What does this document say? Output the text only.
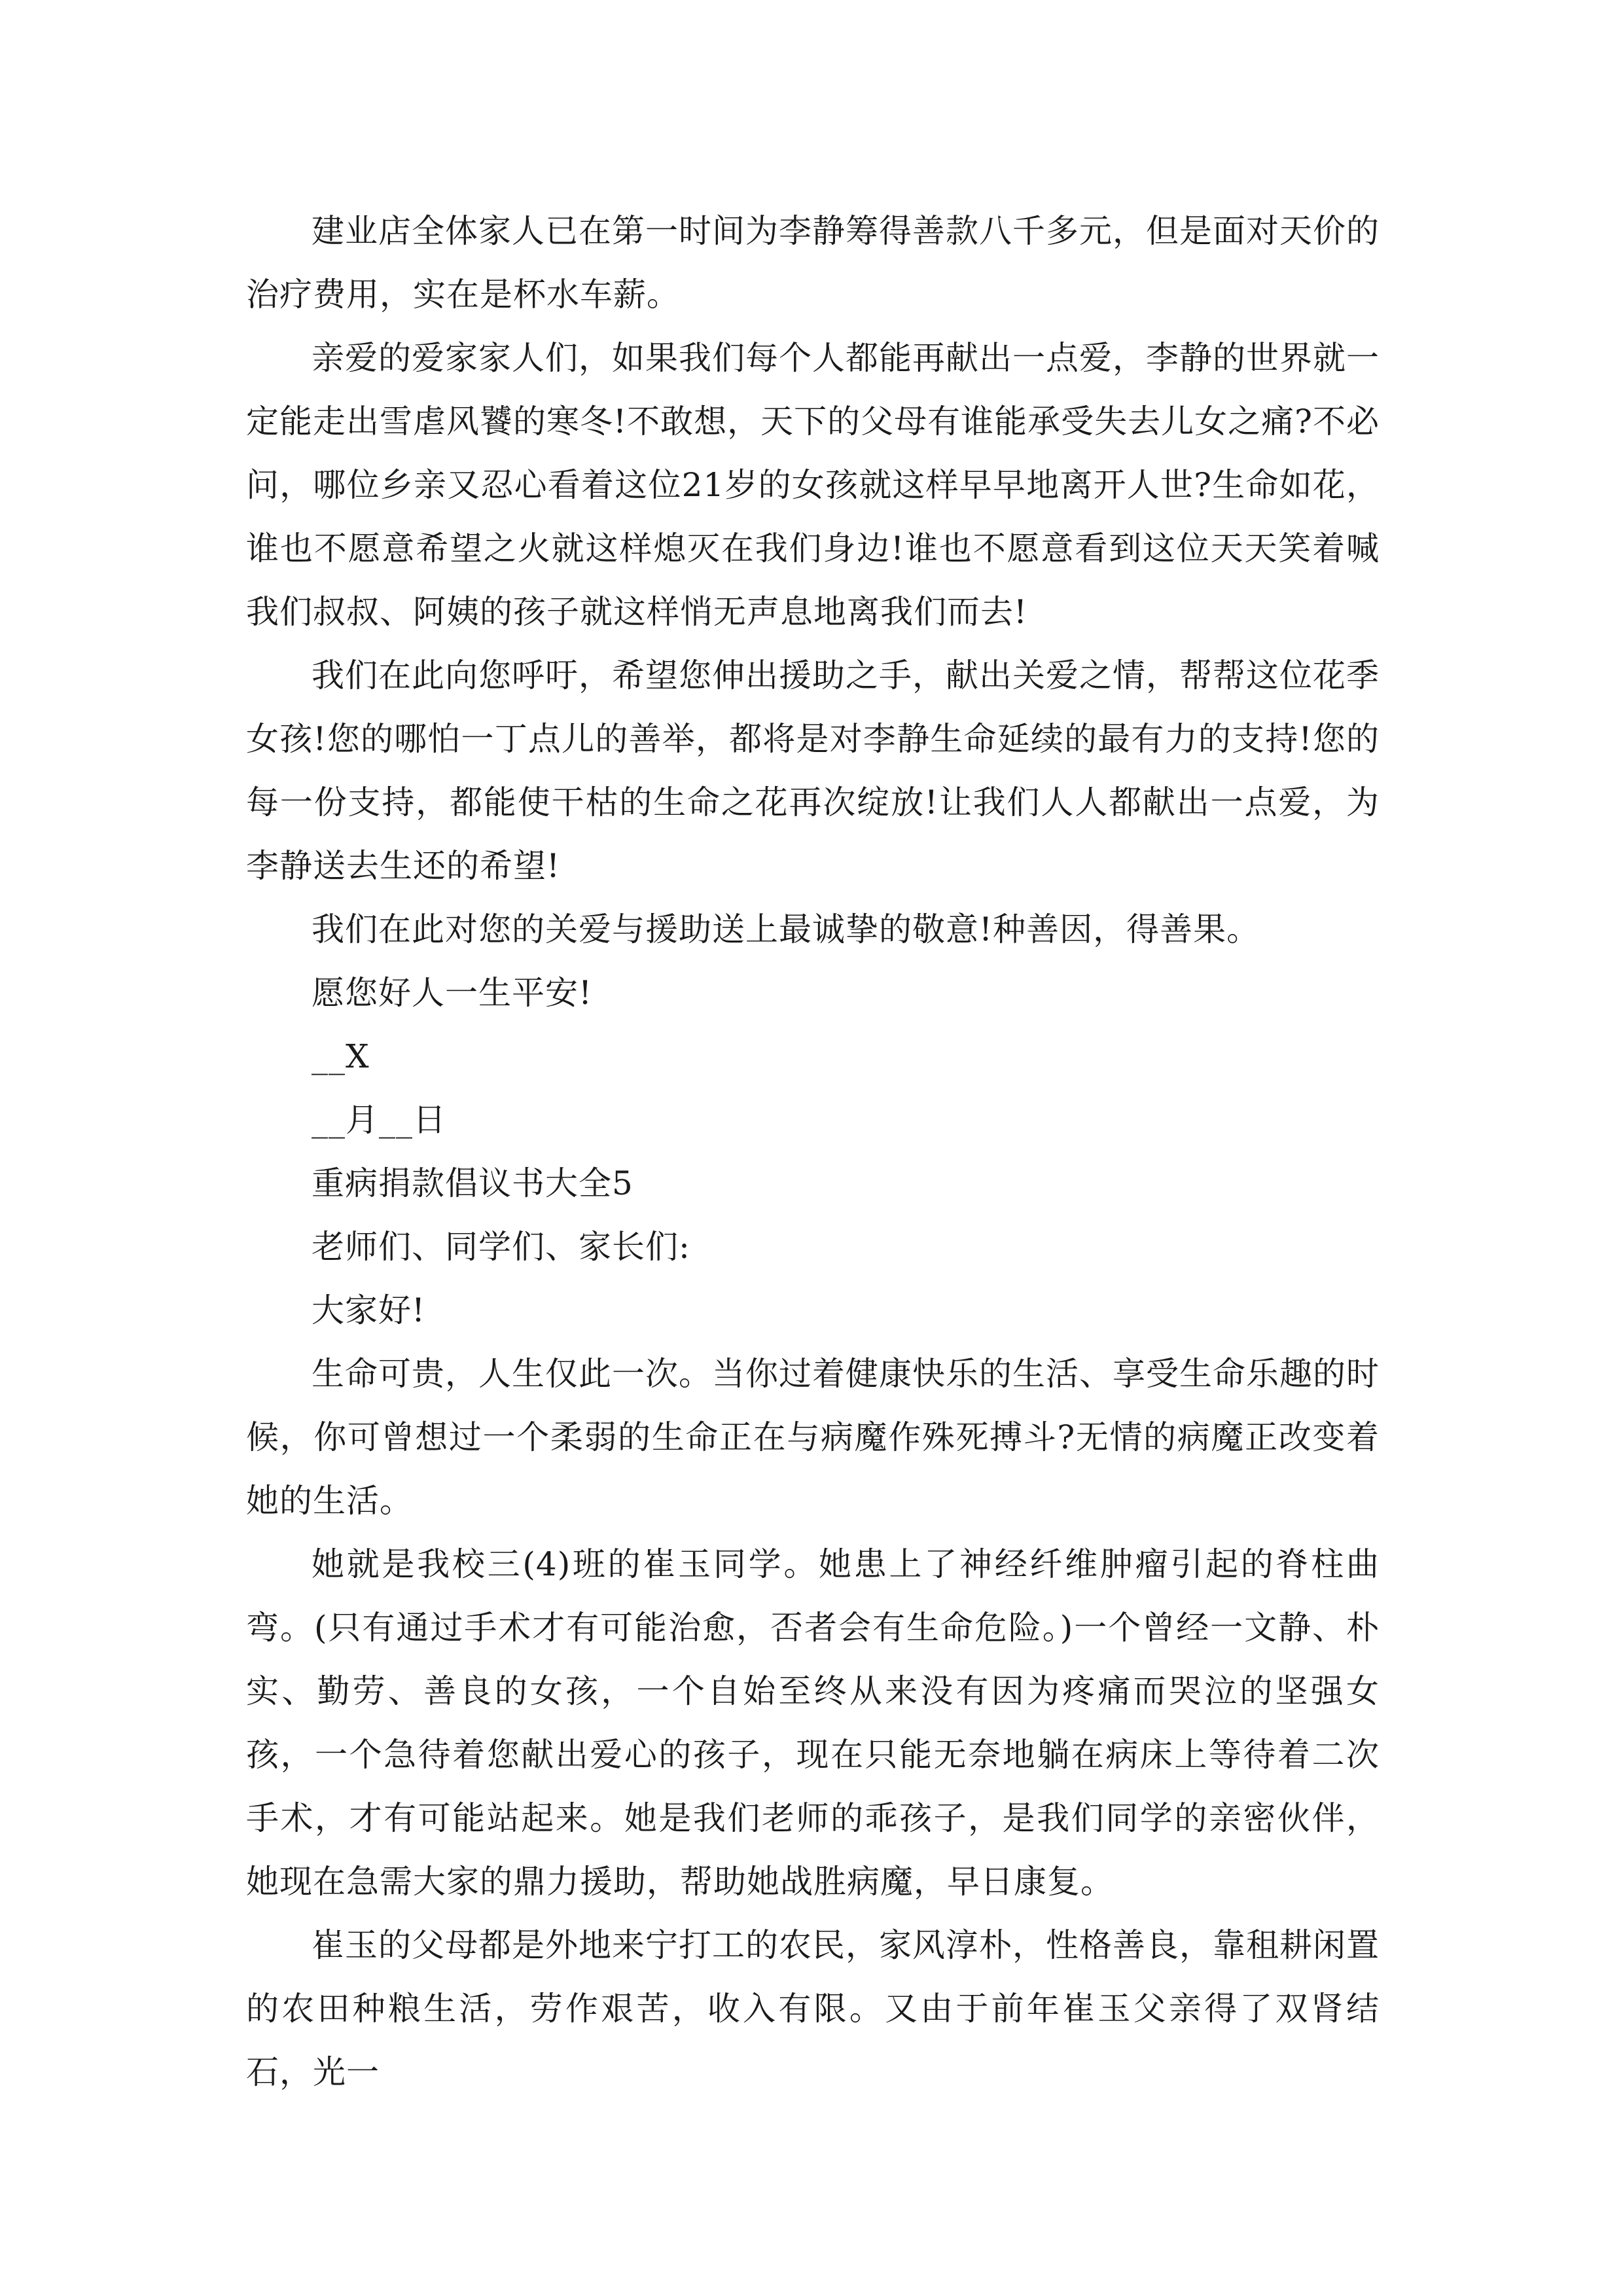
建业店全体家人已在第一时间为李静筹得善款八千多元，但是面对天价的治疗费用，实在是杯水车薪。

亲爱的爱家家人们，如果我们每个人都能再献出一点爱，李静的世界就一定能走出雪虐风饕的寒冬!不敢想，天下的父母有谁能承受失去儿女之痛?不必问，哪位乡亲又忍心看着这位21岁的女孩就这样早早地离开人世?生命如花，谁也不愿意希望之火就这样熄灭在我们身边!谁也不愿意看到这位天天笑着喊我们叔叔、阿姨的孩子就这样悄无声息地离我们而去!

我们在此向您呼吁，希望您伸出援助之手，献出关爱之情，帮帮这位花季女孩!您的哪怕一丁点儿的善举，都将是对李静生命延续的最有力的支持!您的每一份支持，都能使干枯的生命之花再次绽放!让我们人人都献出一点爱，为李静送去生还的希望!

我们在此对您的关爱与援助送上最诚挚的敬意!种善因，得善果。

愿您好人一生平安!

__X

__月__日

重病捐款倡议书大全5

老师们、同学们、家长们:

大家好!

生命可贵，人生仅此一次。当你过着健康快乐的生活、享受生命乐趣的时候，你可曾想过一个柔弱的生命正在与病魔作殊死搏斗?无情的病魔正改变着她的生活。

她就是我校三(4)班的崔玉同学。她患上了神经纤维肿瘤引起的脊柱曲弯。(只有通过手术才有可能治愈，否者会有生命危险。)一个曾经一文静、朴实、勤劳、善良的女孩，一个自始至终从来没有因为疼痛而哭泣的坚强女孩，一个急待着您献出爱心的孩子，现在只能无奈地躺在病床上等待着二次手术，才有可能站起来。她是我们老师的乖孩子，是我们同学的亲密伙伴，她现在急需大家的鼎力援助，帮助她战胜病魔，早日康复。

崔玉的父母都是外地来宁打工的农民，家风淳朴，性格善良，靠租耕闲置的农田种粮生活，劳作艰苦，收入有限。又由于前年崔玉父亲得了双肾结石，光一
